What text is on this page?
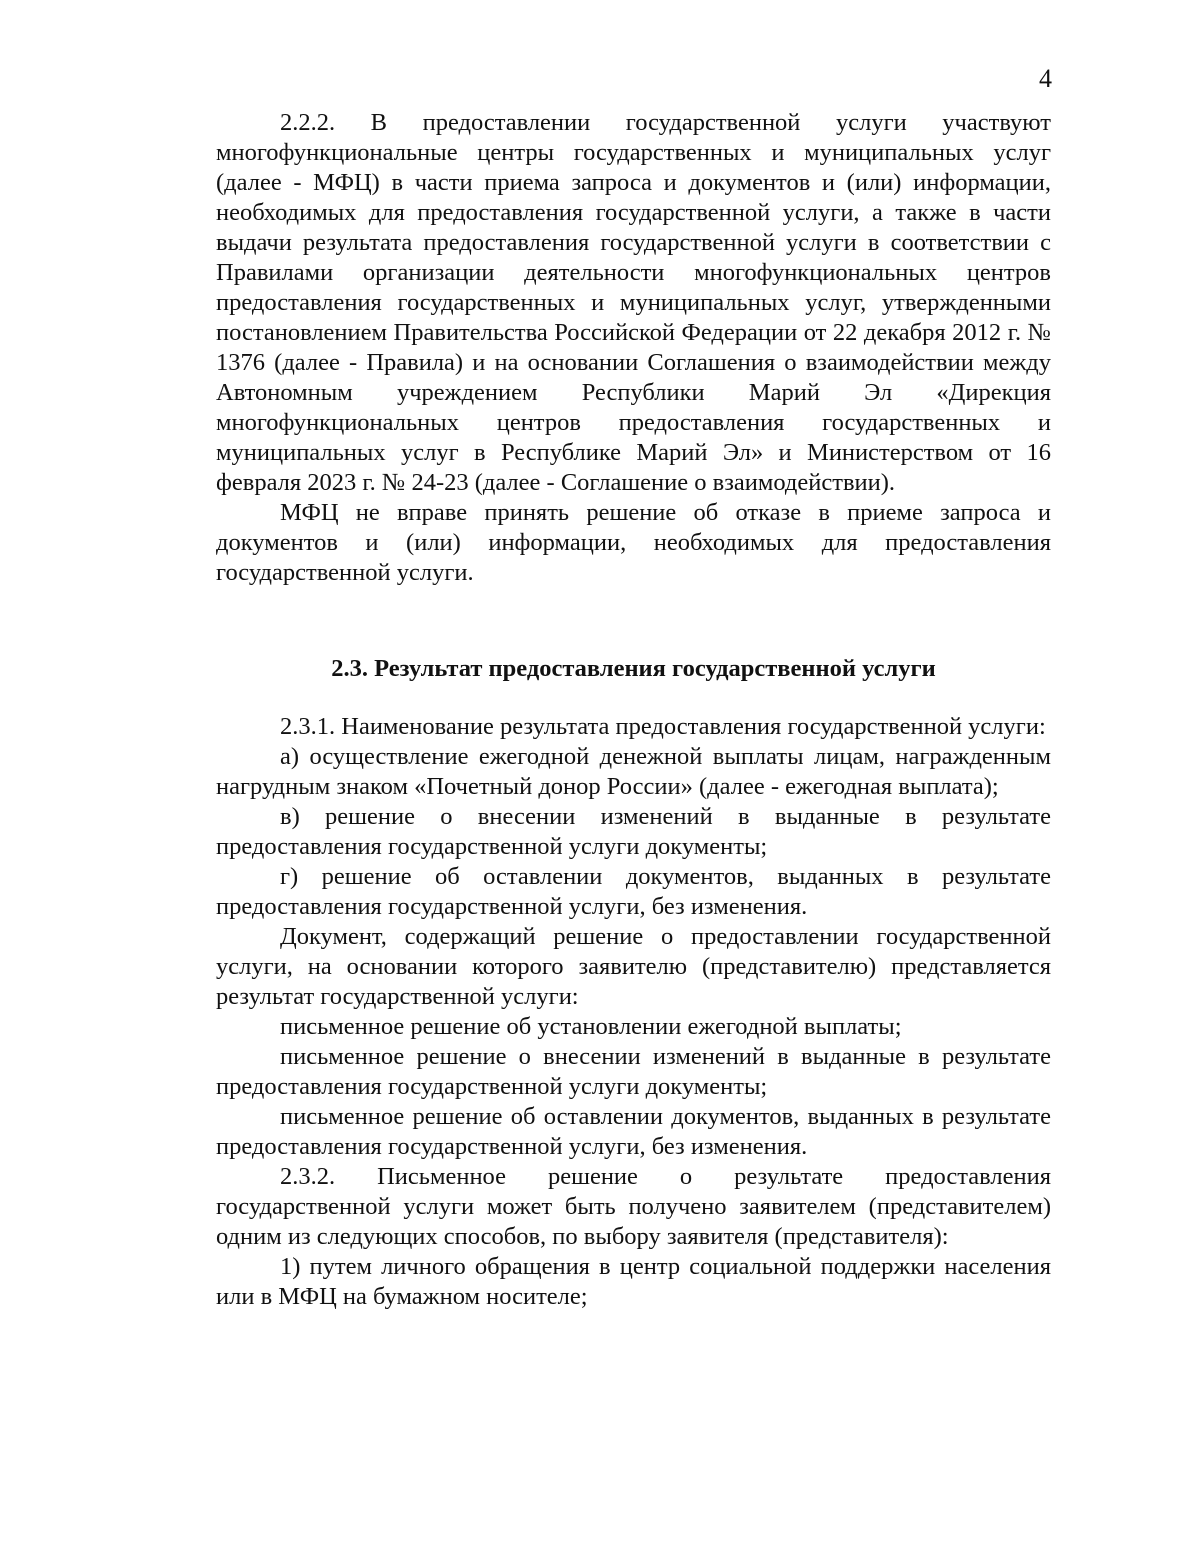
4

2.2.2. В предоставлении государственной услуги участвуют многофункциональные центры государственных и муниципальных услуг (далее - МФЦ) в части приема запроса и документов и (или) информации, необходимых для предоставления государственной услуги, а также в части выдачи результата предоставления государственной услуги в соответствии с Правилами организации деятельности многофункциональных центров предоставления государственных и муниципальных услуг, утвержденными постановлением Правительства Российской Федерации от 22 декабря 2012 г. № 1376 (далее - Правила) и на основании Соглашения о взаимодействии между Автономным учреждением Республики Марий Эл «Дирекция многофункциональных центров предоставления государственных и муниципальных услуг в Республике Марий Эл» и Министерством от 16 февраля 2023 г. № 24-23 (далее - Соглашение о взаимодействии).

МФЦ не вправе принять решение об отказе в приеме запроса и документов и (или) информации, необходимых для предоставления государственной услуги.

2.3. Результат предоставления государственной услуги

2.3.1. Наименование результата предоставления государственной услуги:

а) осуществление ежегодной денежной выплаты лицам, награжденным нагрудным знаком «Почетный донор России» (далее - ежегодная выплата);

в) решение о внесении изменений в выданные в результате предоставления государственной услуги документы;

г) решение об оставлении документов, выданных в результате предоставления государственной услуги, без изменения.

Документ, содержащий решение о предоставлении государственной услуги, на основании которого заявителю (представителю) представляется результат государственной услуги:

письменное решение об установлении ежегодной выплаты;

письменное решение о внесении изменений в выданные в результате предоставления государственной услуги документы;

письменное решение об оставлении документов, выданных в результате предоставления государственной услуги, без изменения.

2.3.2. Письменное решение о результате предоставления государственной услуги может быть получено заявителем (представителем) одним из следующих способов, по выбору заявителя (представителя):

1) путем личного обращения в центр социальной поддержки населения или в МФЦ на бумажном носителе;
